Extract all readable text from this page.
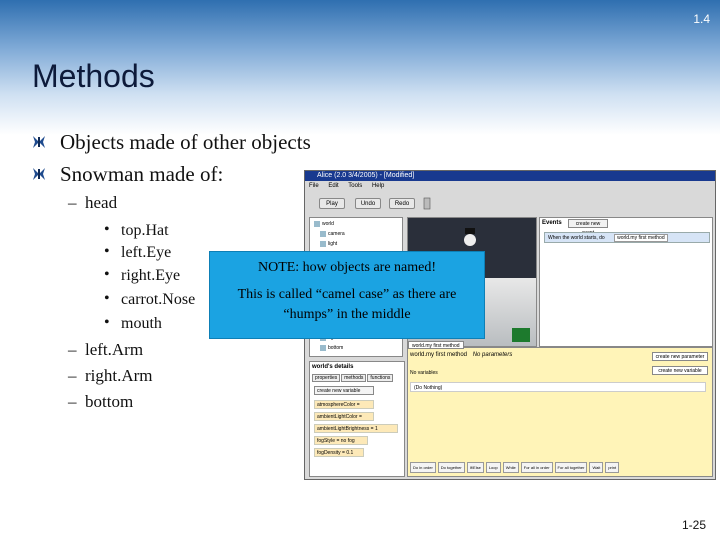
1.4
Methods
Objects made of other objects
Snowman made of:
– head
• top.Hat
• left.Eye
• right.Eye
• carrot.Nose
• mouth
– left.Arm
– right.Arm
– bottom
Alice (2.0 3/4/2005) - [Modified]
File Edit Tools Help
Play	Undo	Redo
world
camera
light
bottom
Events	create new
When the world starts, do world.my first method
world's details
properties methods functions
create new variable
atmosphereColor =
ambientLightColor =
ambientLightBrightness = 1
fogStyle = no fog
fogDensity = 0.1
world.my first method
world.my first method No parameters
No variables
(Do Nothing)
create new parameter
create new variable
Do in order Do together If/Else Loop While For all in order For all together Wait print
NOTE: how objects are named!
This is called “camel case” as there are
“humps” in the middle
1-25
